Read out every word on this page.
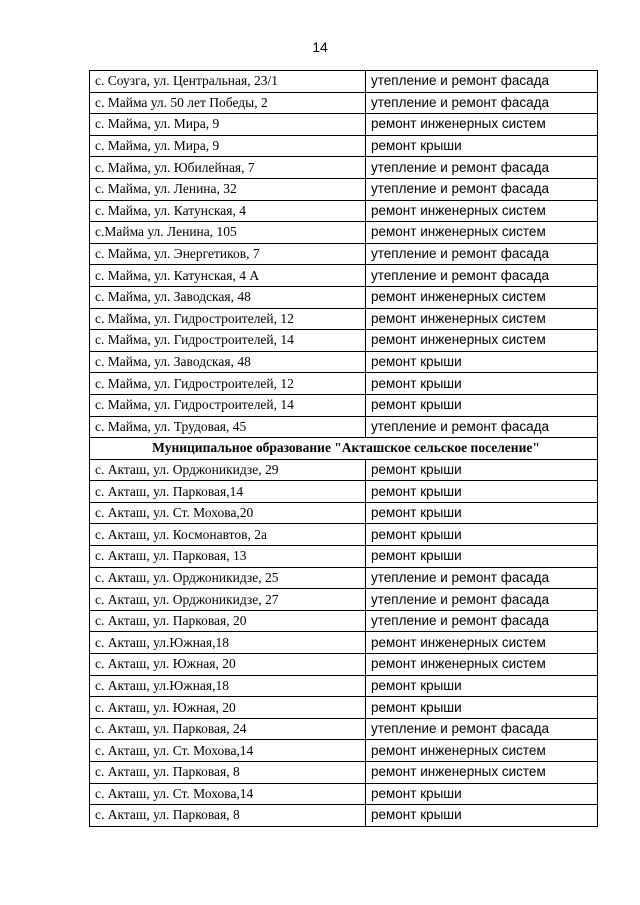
14
с. Соузга, ул. Центральная, 23/1	утепление и ремонт фасада
с. Майма ул. 50 лет Победы, 2	утепление и ремонт фасада
с. Майма, ул. Мира, 9	ремонт инженерных систем
с. Майма, ул. Мира, 9	ремонт крыши
с. Майма, ул. Юбилейная, 7	утепление и ремонт фасада
с. Майма, ул. Ленина, 32	утепление и ремонт фасада
с. Майма, ул. Катунская, 4	ремонт инженерных систем
с.Майма ул. Ленина, 105	ремонт инженерных систем
с. Майма, ул. Энергетиков, 7	утепление и ремонт фасада
с. Майма, ул. Катунская, 4 А	утепление и ремонт фасада
с. Майма, ул. Заводская, 48	ремонт инженерных систем
с. Майма, ул. Гидростроителей, 12	ремонт инженерных систем
с. Майма, ул. Гидростроителей, 14	ремонт инженерных систем
с. Майма, ул. Заводская, 48	ремонт крыши
с. Майма, ул. Гидростроителей, 12	ремонт крыши
с. Майма, ул. Гидростроителей, 14	ремонт крыши
с. Майма, ул. Трудовая, 45	утепление и ремонт фасада
Муниципальное образование "Акташское сельское поселение"	
с. Акташ, ул. Орджоникидзе, 29	ремонт крыши
с. Акташ, ул. Парковая,14	ремонт крыши
с. Акташ, ул. Ст. Мохова,20	ремонт крыши
с. Акташ, ул. Космонавтов, 2а	ремонт крыши
с. Акташ, ул. Парковая, 13	ремонт крыши
с. Акташ, ул. Орджоникидзе, 25	утепление и ремонт фасада
с. Акташ, ул. Орджоникидзе, 27	утепление и ремонт фасада
с. Акташ, ул. Парковая, 20	утепление и ремонт фасада
с. Акташ, ул.Южная,18	ремонт инженерных систем
с. Акташ, ул. Южная, 20	ремонт инженерных систем
с. Акташ, ул.Южная,18	ремонт крыши
с. Акташ, ул. Южная, 20	ремонт крыши
с. Акташ, ул. Парковая, 24	утепление и ремонт фасада
с. Акташ, ул. Ст. Мохова,14	ремонт инженерных систем
с. Акташ, ул. Парковая, 8	ремонт инженерных систем
с. Акташ, ул. Ст. Мохова,14	ремонт крыши
с. Акташ, ул. Парковая, 8	ремонт крыши
